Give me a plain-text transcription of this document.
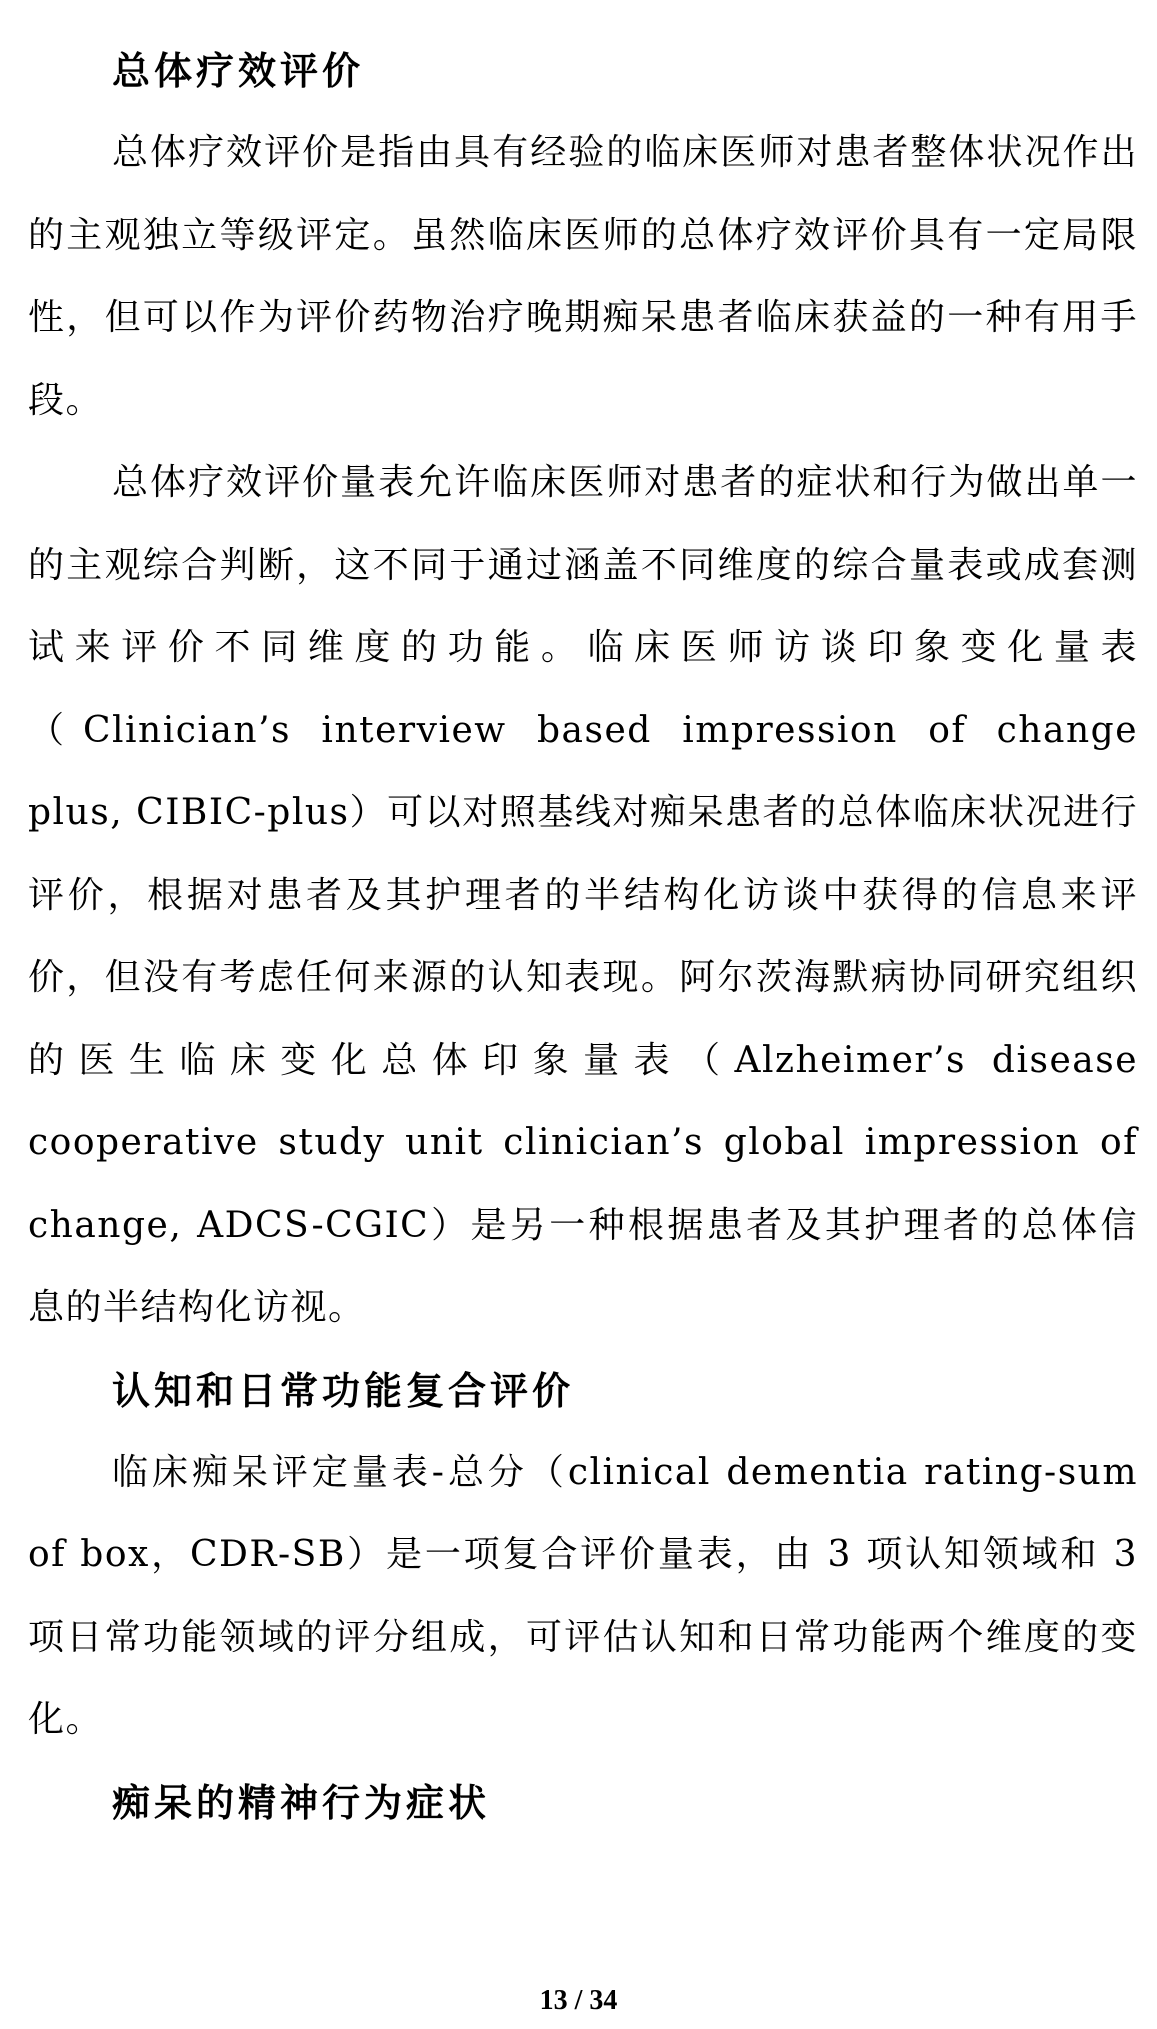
总体疗效评价

总体疗效评价是指由具有经验的临床医师对患者整体状况作出的主观独立等级评定。虽然临床医师的总体疗效评价具有一定局限性，但可以作为评价药物治疗晚期痴呆患者临床获益的一种有用手段。

总体疗效评价量表允许临床医师对患者的症状和行为做出单一的主观综合判断，这不同于通过涵盖不同维度的综合量表或成套测试来评价不同维度的功能。临床医师访谈印象变化量表（Clinician’s interview based impression of change plus, CIBIC-plus）可以对照基线对痴呆患者的总体临床状况进行评价，根据对患者及其护理者的半结构化访谈中获得的信息来评价，但没有考虑任何来源的认知表现。阿尔茨海默病协同研究组织的医生临床变化总体印象量表（Alzheimer’s disease cooperative study unit clinician’s global impression of change, ADCS-CGIC）是另一种根据患者及其护理者的总体信息的半结构化访视。

认知和日常功能复合评价

临床痴呆评定量表-总分（clinical dementia rating-sum of box，CDR-SB）是一项复合评价量表，由 3 项认知领域和 3 项日常功能领域的评分组成，可评估认知和日常功能两个维度的变化。

痴呆的精神行为症状
13 / 34
